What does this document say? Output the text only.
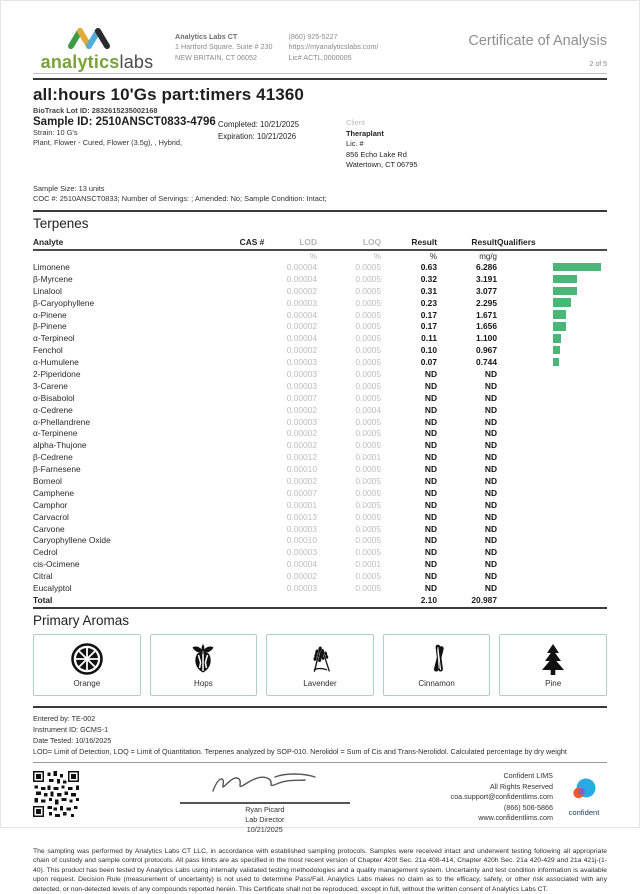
analyticslabs
Analytics Labs CT
1 Hartford Square, Suite # 230
NEW BRITAIN, CT 06052
(860) 925-5227
https://myanalyticslabs.com/
Lic# ACTL.0000005
Certificate of Analysis
2 of 5
all:hours 10'Gs part:timers 41360
BioTrack Lot ID: 2832615235002168
Sample ID: 2510ANSCT0833-4796
Strain: 10 G's
Plant, Flower - Cured, Flower (3.5g), , Hybrid,
Completed: 10/21/2025
Expiration: 10/21/2026
Client
Theraplant
Lic. #
856 Echo Lake Rd
Watertown, CT 06795
Sample Size: 13 units
COC #: 2510ANSCT0833; Number of Servings: ; Amended: No; Sample Condition: Intact;
Terpenes
Analyte	CAS #	LOD	LOQ	Result	Result	Qualifiers	
		%	%	%	mg/g		
Limonene		0.00004	0.0005	0.63	6.286		

β-Myrcene		0.00004	0.0005	0.32	3.191		

Linalool		0.00002	0.0005	0.31	3.077		

β-Caryophyllene		0.00003	0.0005	0.23	2.295		

α-Pinene		0.00004	0.0005	0.17	1.671		

β-Pinene		0.00002	0.0005	0.17	1.656		

α-Terpineol		0.00004	0.0005	0.11	1.100		

Fenchol		0.00002	0.0005	0.10	0.967		

α-Humulene		0.00003	0.0005	0.07	0.744		

2-Piperidone		0.00003	0.0005	ND	ND		
3-Carene		0.00003	0.0005	ND	ND		
α-Bisabolol		0.00007	0.0005	ND	ND		
α-Cedrene		0.00002	0.0004	ND	ND		
α-Phellandrene		0.00003	0.0005	ND	ND		
α-Terpinene		0.00002	0.0005	ND	ND		
alpha-Thujone		0.00002	0.0005	ND	ND		
β-Cedrene		0.00012	0.0001	ND	ND		
β-Farnesene		0.00010	0.0005	ND	ND		
Borneol		0.00002	0.0005	ND	ND		
Camphene		0.00007	0.0005	ND	ND		
Camphor		0.00001	0.0005	ND	ND		
Carvacrol		0.00013	0.0005	ND	ND		
Carvone		0.00003	0.0005	ND	ND		
Caryophyllene Oxide		0.00010	0.0005	ND	ND		
Cedrol		0.00003	0.0005	ND	ND		
cis-Ocimene		0.00004	0.0001	ND	ND		
Citral		0.00002	0.0005	ND	ND		
Eucalyptol		0.00003	0.0005	ND	ND		
Total				2.10	20.987		
Primary Aromas
Orange	Hops	Lavender	Cinnamon	Pine
Entered by: TE-002
Instrument ID: GCMS-1
Date Tested: 10/16/2025
LOD= Limit of Detection, LOQ = Limit of Quantitation. Terpenes analyzed by SOP-010. Nerolidol = Sum of Cis and Trans-Nerolidol. Calculated percentage by dry weight
Ryan Picard
Lab Director
10/21/2025
Confident LIMS
All Rights Reserved
coa.support@confidentlims.com
(866) 506-5866
www.confidentlims.com
confident
The sampling was performed by Analytics Labs CT LLC, in accordance with established sampling protocols. Samples were received intact and underwent testing following all appropriate chain of custody and sample control protocols. All pass limits are as specified in the most recent version of Chapter 420f Sec. 21a 408-414, Chapter 420h Sec. 21a 420-429 and 21a 421j-(1-40). This product has been tested by Analytics Labs using internally validated testing methodologies and a quality management system. Uncertainty and test condition information is available upon request. Decision Rule (measurement of uncertainty) is not used to determine Pass/Fail. Analytics Labs makes no claim as to the efficacy, safety, or other risk associated with any detected, or non-detected levels of any compounds reported herein. This Certificate shall not be reproduced, except in full, without the written consent of Analytics Labs CT.
